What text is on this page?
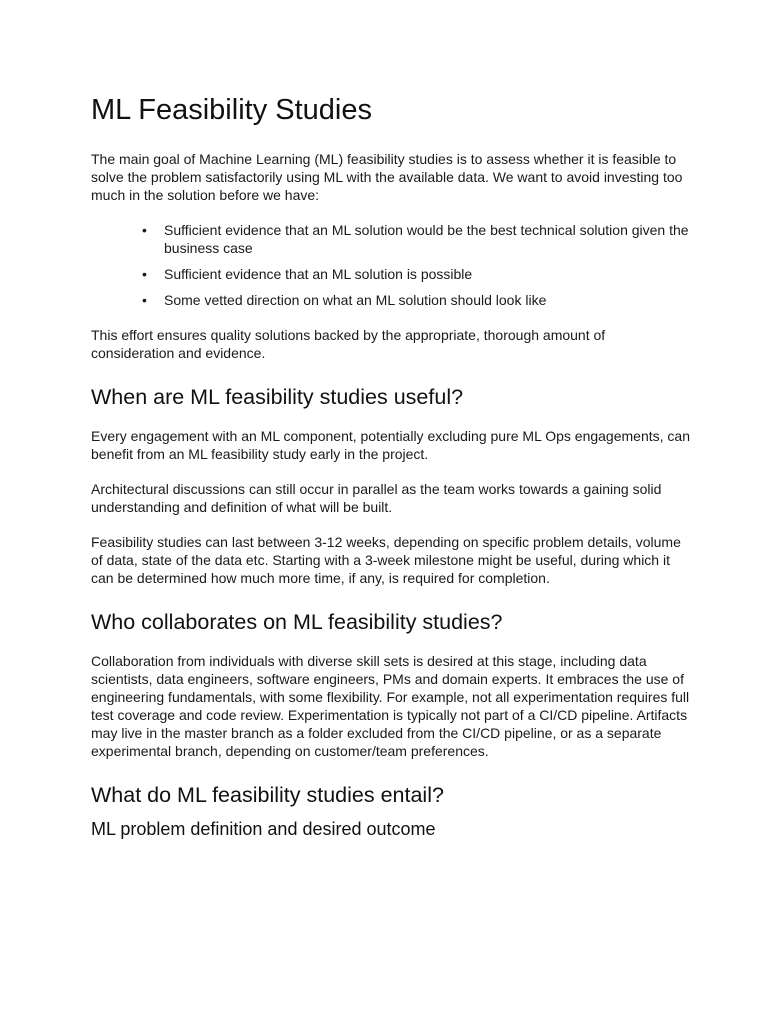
ML Feasibility Studies

The main goal of Machine Learning (ML) feasibility studies is to assess whether it is feasible to solve the problem satisfactorily using ML with the available data. We want to avoid investing too much in the solution before we have:

• Sufficient evidence that an ML solution would be the best technical solution given the business case
• Sufficient evidence that an ML solution is possible
• Some vetted direction on what an ML solution should look like

This effort ensures quality solutions backed by the appropriate, thorough amount of consideration and evidence.

When are ML feasibility studies useful?

Every engagement with an ML component, potentially excluding pure ML Ops engagements, can benefit from an ML feasibility study early in the project.

Architectural discussions can still occur in parallel as the team works towards a gaining solid understanding and definition of what will be built.

Feasibility studies can last between 3-12 weeks, depending on specific problem details, volume of data, state of the data etc. Starting with a 3-week milestone might be useful, during which it can be determined how much more time, if any, is required for completion.

Who collaborates on ML feasibility studies?

Collaboration from individuals with diverse skill sets is desired at this stage, including data scientists, data engineers, software engineers, PMs and domain experts. It embraces the use of engineering fundamentals, with some flexibility. For example, not all experimentation requires full test coverage and code review. Experimentation is typically not part of a CI/CD pipeline. Artifacts may live in the master branch as a folder excluded from the CI/CD pipeline, or as a separate experimental branch, depending on customer/team preferences.

What do ML feasibility studies entail?
ML problem definition and desired outcome
